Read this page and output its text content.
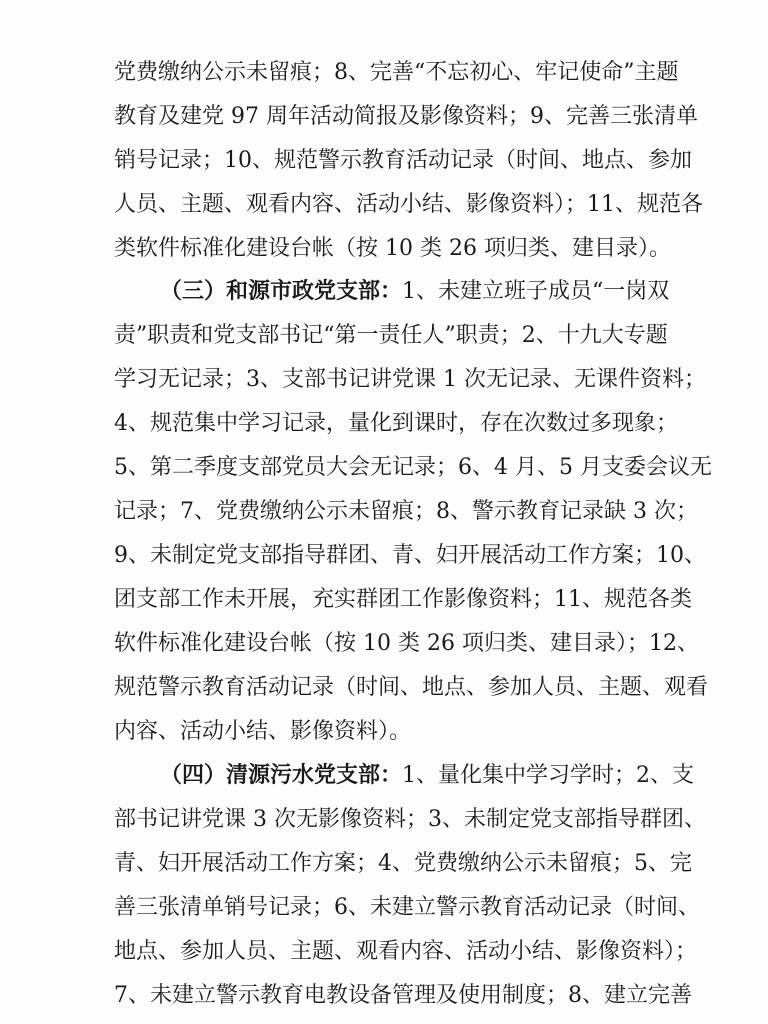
党费缴纳公示未留痕；8、完善“不忘初心、牢记使命”主题
教育及建党 97 周年活动简报及影像资料；9、完善三张清单
销号记录；10、规范警示教育活动记录（时间、地点、参加
人员、主题、观看内容、活动小结、影像资料）；11、规范各
类软件标准化建设台帐（按 10 类 26 项归类、建目录）。
（三）和源市政党支部：1、未建立班子成员“一岗双
责”职责和党支部书记“第一责任人”职责；2、十九大专题
学习无记录；3、支部书记讲党课 1 次无记录、无课件资料；
4、规范集中学习记录，量化到课时，存在次数过多现象；
5、第二季度支部党员大会无记录；6、4 月、5 月支委会议无
记录；7、党费缴纳公示未留痕；8、警示教育记录缺 3 次；
9、未制定党支部指导群团、青、妇开展活动工作方案；10、
团支部工作未开展，充实群团工作影像资料；11、规范各类
软件标准化建设台帐（按 10 类 26 项归类、建目录）；12、
规范警示教育活动记录（时间、地点、参加人员、主题、观看
内容、活动小结、影像资料）。
（四）清源污水党支部：1、量化集中学习学时；2、支
部书记讲党课 3 次无影像资料；3、未制定党支部指导群团、
青、妇开展活动工作方案；4、党费缴纳公示未留痕；5、完
善三张清单销号记录；6、未建立警示教育活动记录（时间、
地点、参加人员、主题、观看内容、活动小结、影像资料）；
7、未建立警示教育电教设备管理及使用制度；8、建立完善
